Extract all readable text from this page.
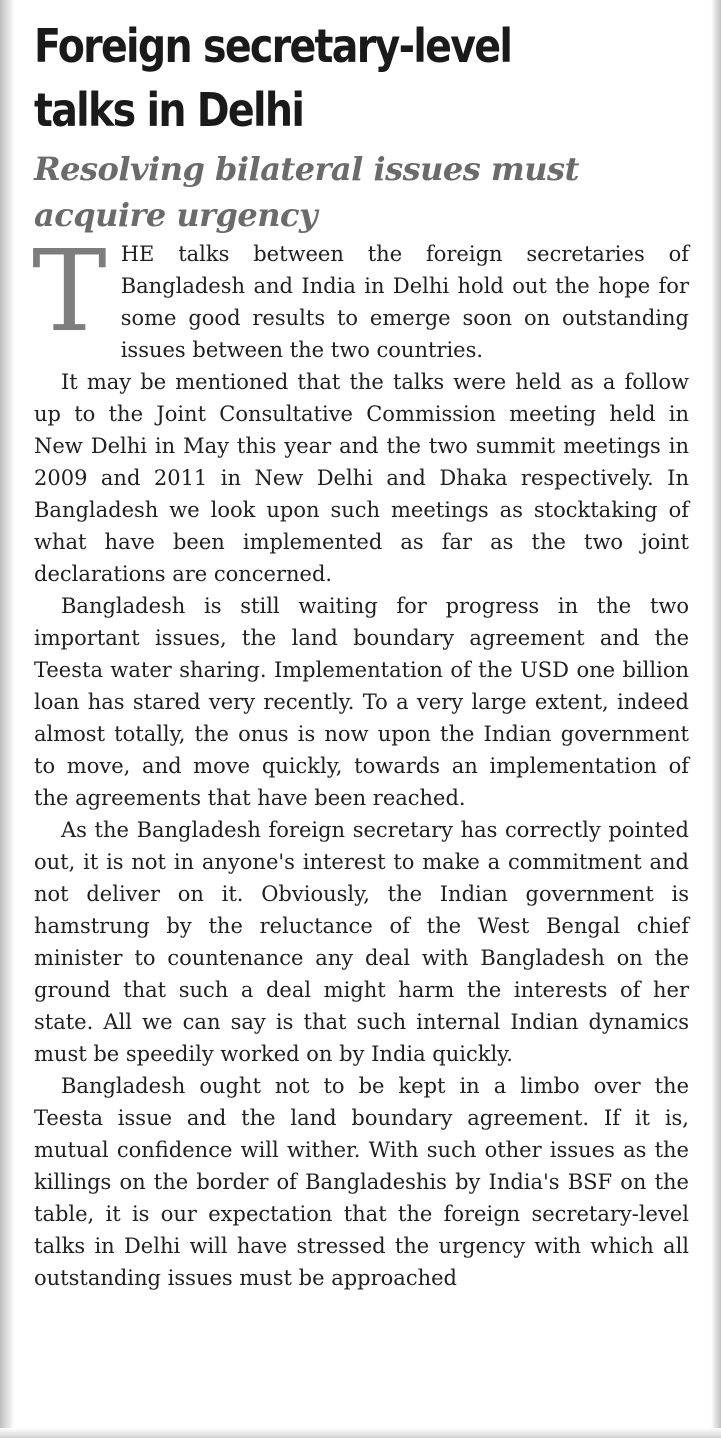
Foreign secretary-level
talks in Delhi
Resolving bilateral issues must
acquire urgency

THE talks between the foreign secretaries of Bangladesh and India in Delhi hold out the hope for some good results to emerge soon on outstanding issues between the two countries.

It may be mentioned that the talks were held as a follow up to the Joint Consultative Commission meeting held in New Delhi in May this year and the two summit meetings in 2009 and 2011 in New Delhi and Dhaka respectively. In Bangladesh we look upon such meetings as stocktaking of what have been implemented as far as the two joint declarations are concerned.

Bangladesh is still waiting for progress in the two important issues, the land boundary agreement and the Teesta water sharing. Implementation of the USD one billion loan has stared very recently. To a very large extent, indeed almost totally, the onus is now upon the Indian government to move, and move quickly, towards an implementation of the agreements that have been reached.

As the Bangladesh foreign secretary has correctly pointed out, it is not in anyone's interest to make a commitment and not deliver on it. Obviously, the Indian government is hamstrung by the reluctance of the West Bengal chief minister to countenance any deal with Bangladesh on the ground that such a deal might harm the interests of her state. All we can say is that such internal Indian dynamics must be speedily worked on by India quickly.

Bangladesh ought not to be kept in a limbo over the Teesta issue and the land boundary agreement. If it is, mutual confidence will wither. With such other issues as the killings on the border of Bangladeshis by India's BSF on the table, it is our expectation that the foreign secretary-level talks in Delhi will have stressed the urgency with which all outstanding issues must be approached
